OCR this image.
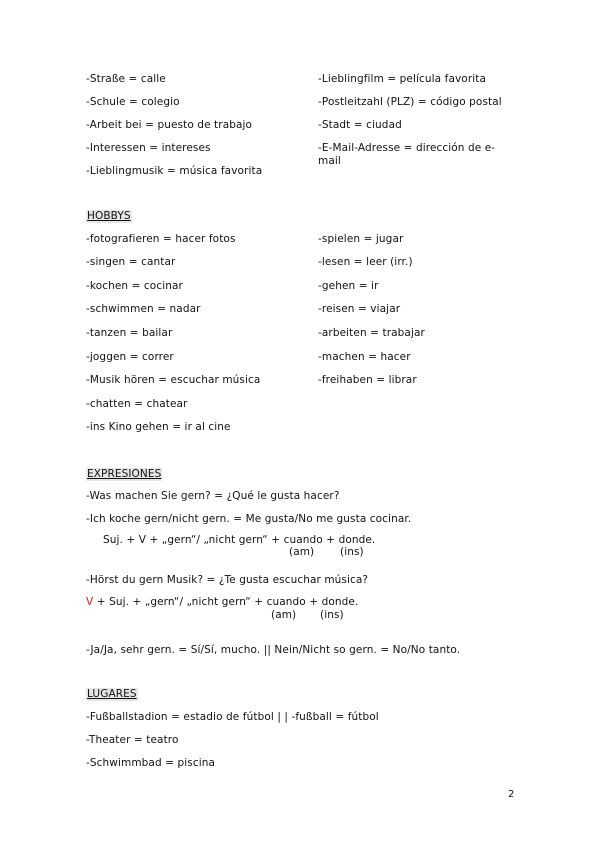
-Straße = calle
-Schule = colegio
-Arbeit bei = puesto de trabajo
-Interessen = intereses
-Lieblingmusik = música favorita
-Lieblingfilm = película favorita
-Postleitzahl (PLZ) = código postal
-Stadt = ciudad
-E-Mail-Adresse = dirección de e-mail
HOBBYS
-fotografieren = hacer fotos
-singen = cantar
-kochen = cocinar
-schwimmen = nadar
-tanzen = bailar
-joggen = correr
-Musik hören = escuchar música
-chatten = chatear
-ins Kino gehen = ir al cine
-spielen = jugar
-lesen = leer (irr.)
-gehen = ir
-reisen = viajar
-arbeiten = trabajar
-machen = hacer
-freihaben = librar
EXPRESIONES
-Was machen Sie gern? = ¿Qué le gusta hacer?
-Ich koche gern/nicht gern. = Me gusta/No me gusta cocinar.
Suj. + V + „gern“/ „nicht gern“ + cuando + donde.
(am) (ins)
-Hörst du gern Musik? = ¿Te gusta escuchar música?
V + Suj. + „gern“/ „nicht gern“ + cuando + donde.
(am) (ins)
-Ja/Ja, sehr gern. = Sí/Sí, mucho. || Nein/Nicht so gern. = No/No tanto.
LUGARES
-Fußballstadion = estadio de fútbol | | -fußball = fútbol
-Theater = teatro
-Schwimmbad = piscina
2
